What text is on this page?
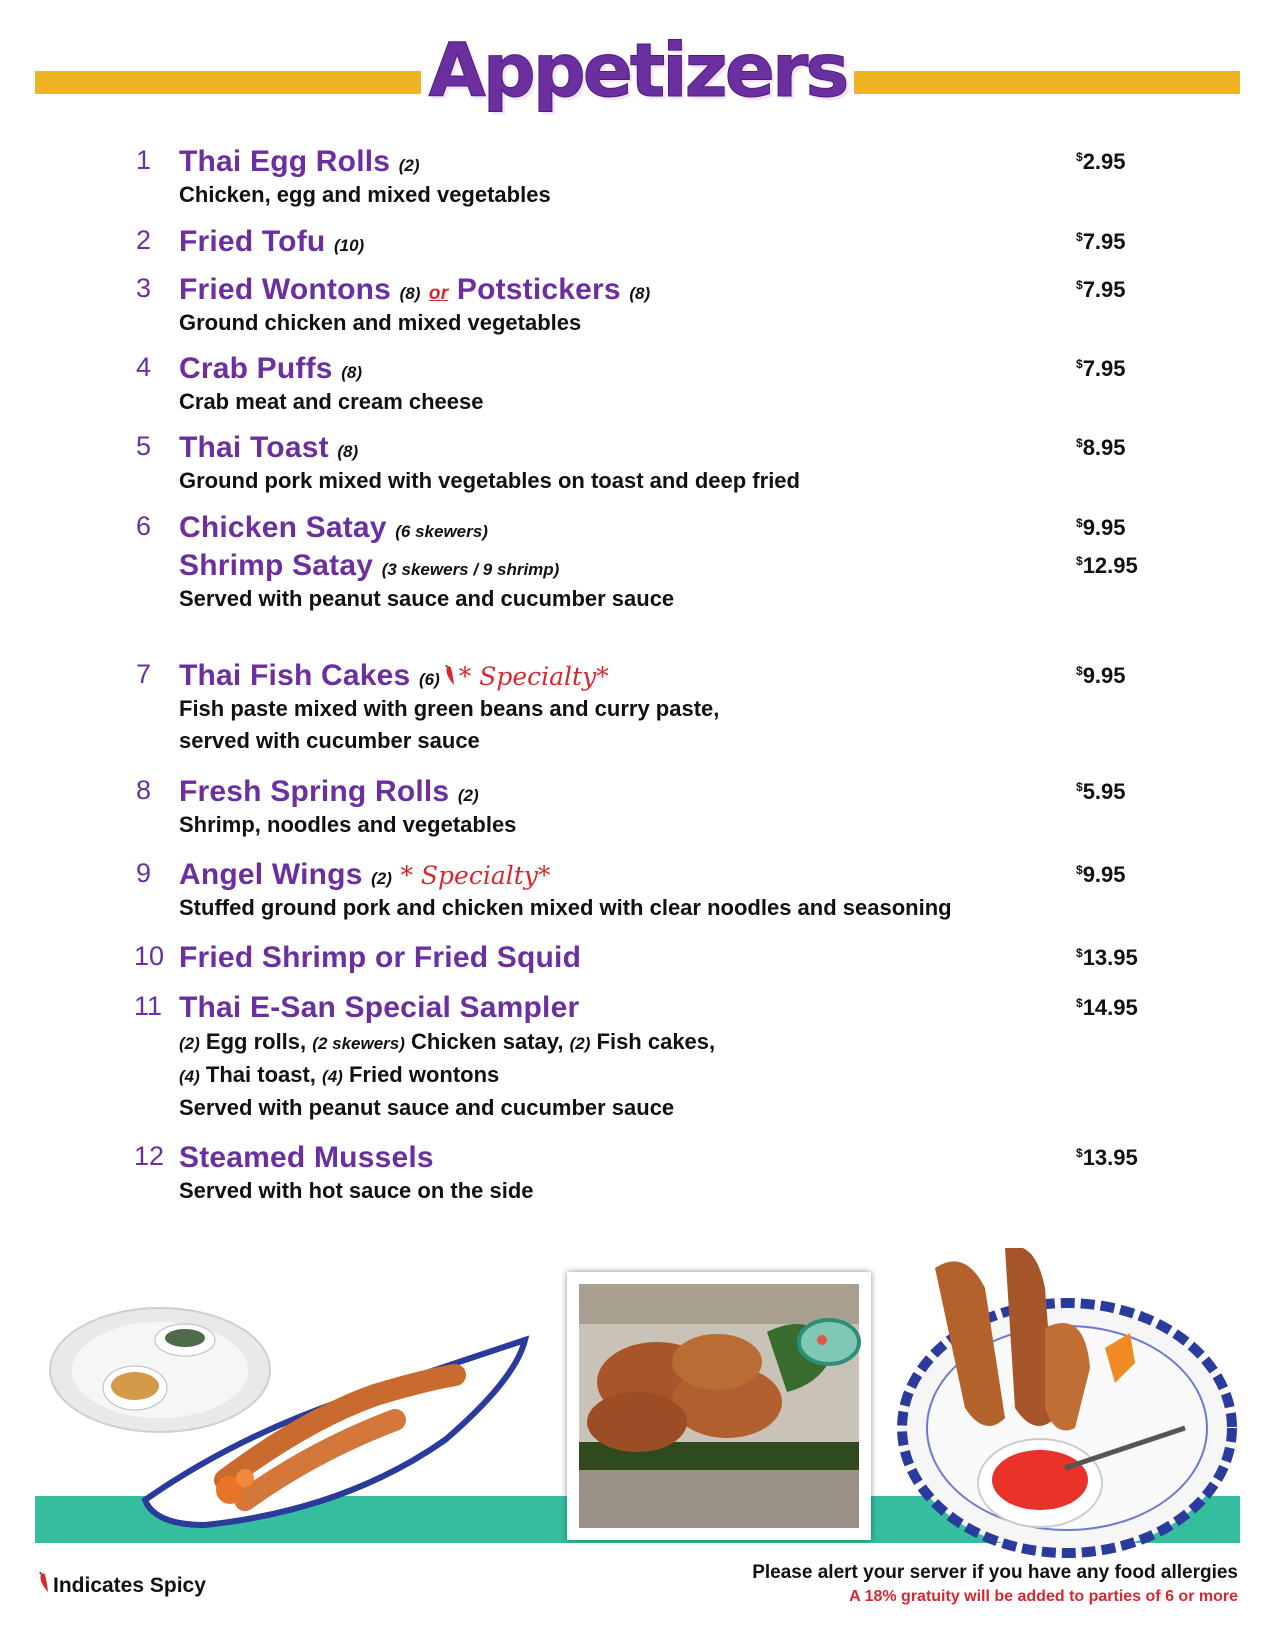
Appetizers
1 Thai Egg Rolls (2)	$2.95
Chicken, egg and mixed vegetables
2 Fried Tofu (10)	$7.95
3 Fried Wontons (8) or Potstickers (8)	$7.95
Ground chicken and mixed vegetables
4 Crab Puffs (8)	$7.95
Crab meat and cream cheese
5 Thai Toast (8)	$8.95
Ground pork mixed with vegetables on toast and deep fried
6 Chicken Satay (6 skewers)	$9.95
Shrimp Satay (3 skewers / 9 shrimp)	$12.95
Served with peanut sauce and cucumber sauce
7 Thai Fish Cakes (6) * Specialty*	$9.95
Fish paste mixed with green beans and curry paste,
served with cucumber sauce
8 Fresh Spring Rolls (2)	$5.95
Shrimp, noodles and vegetables
9 Angel Wings (2) * Specialty*	$9.95
Stuffed ground pork and chicken mixed with clear noodles and seasoning
10 Fried Shrimp or Fried Squid	$13.95
11 Thai E-San Special Sampler	$14.95
(2) Egg rolls, (2 skewers) Chicken satay, (2) Fish cakes,
(4) Thai toast, (4) Fried wontons
Served with peanut sauce and cucumber sauce
12 Steamed Mussels	$13.95
Served with hot sauce on the side
Indicates Spicy
Please alert your server if you have any food allergies
A 18% gratuity will be added to parties of 6 or more
